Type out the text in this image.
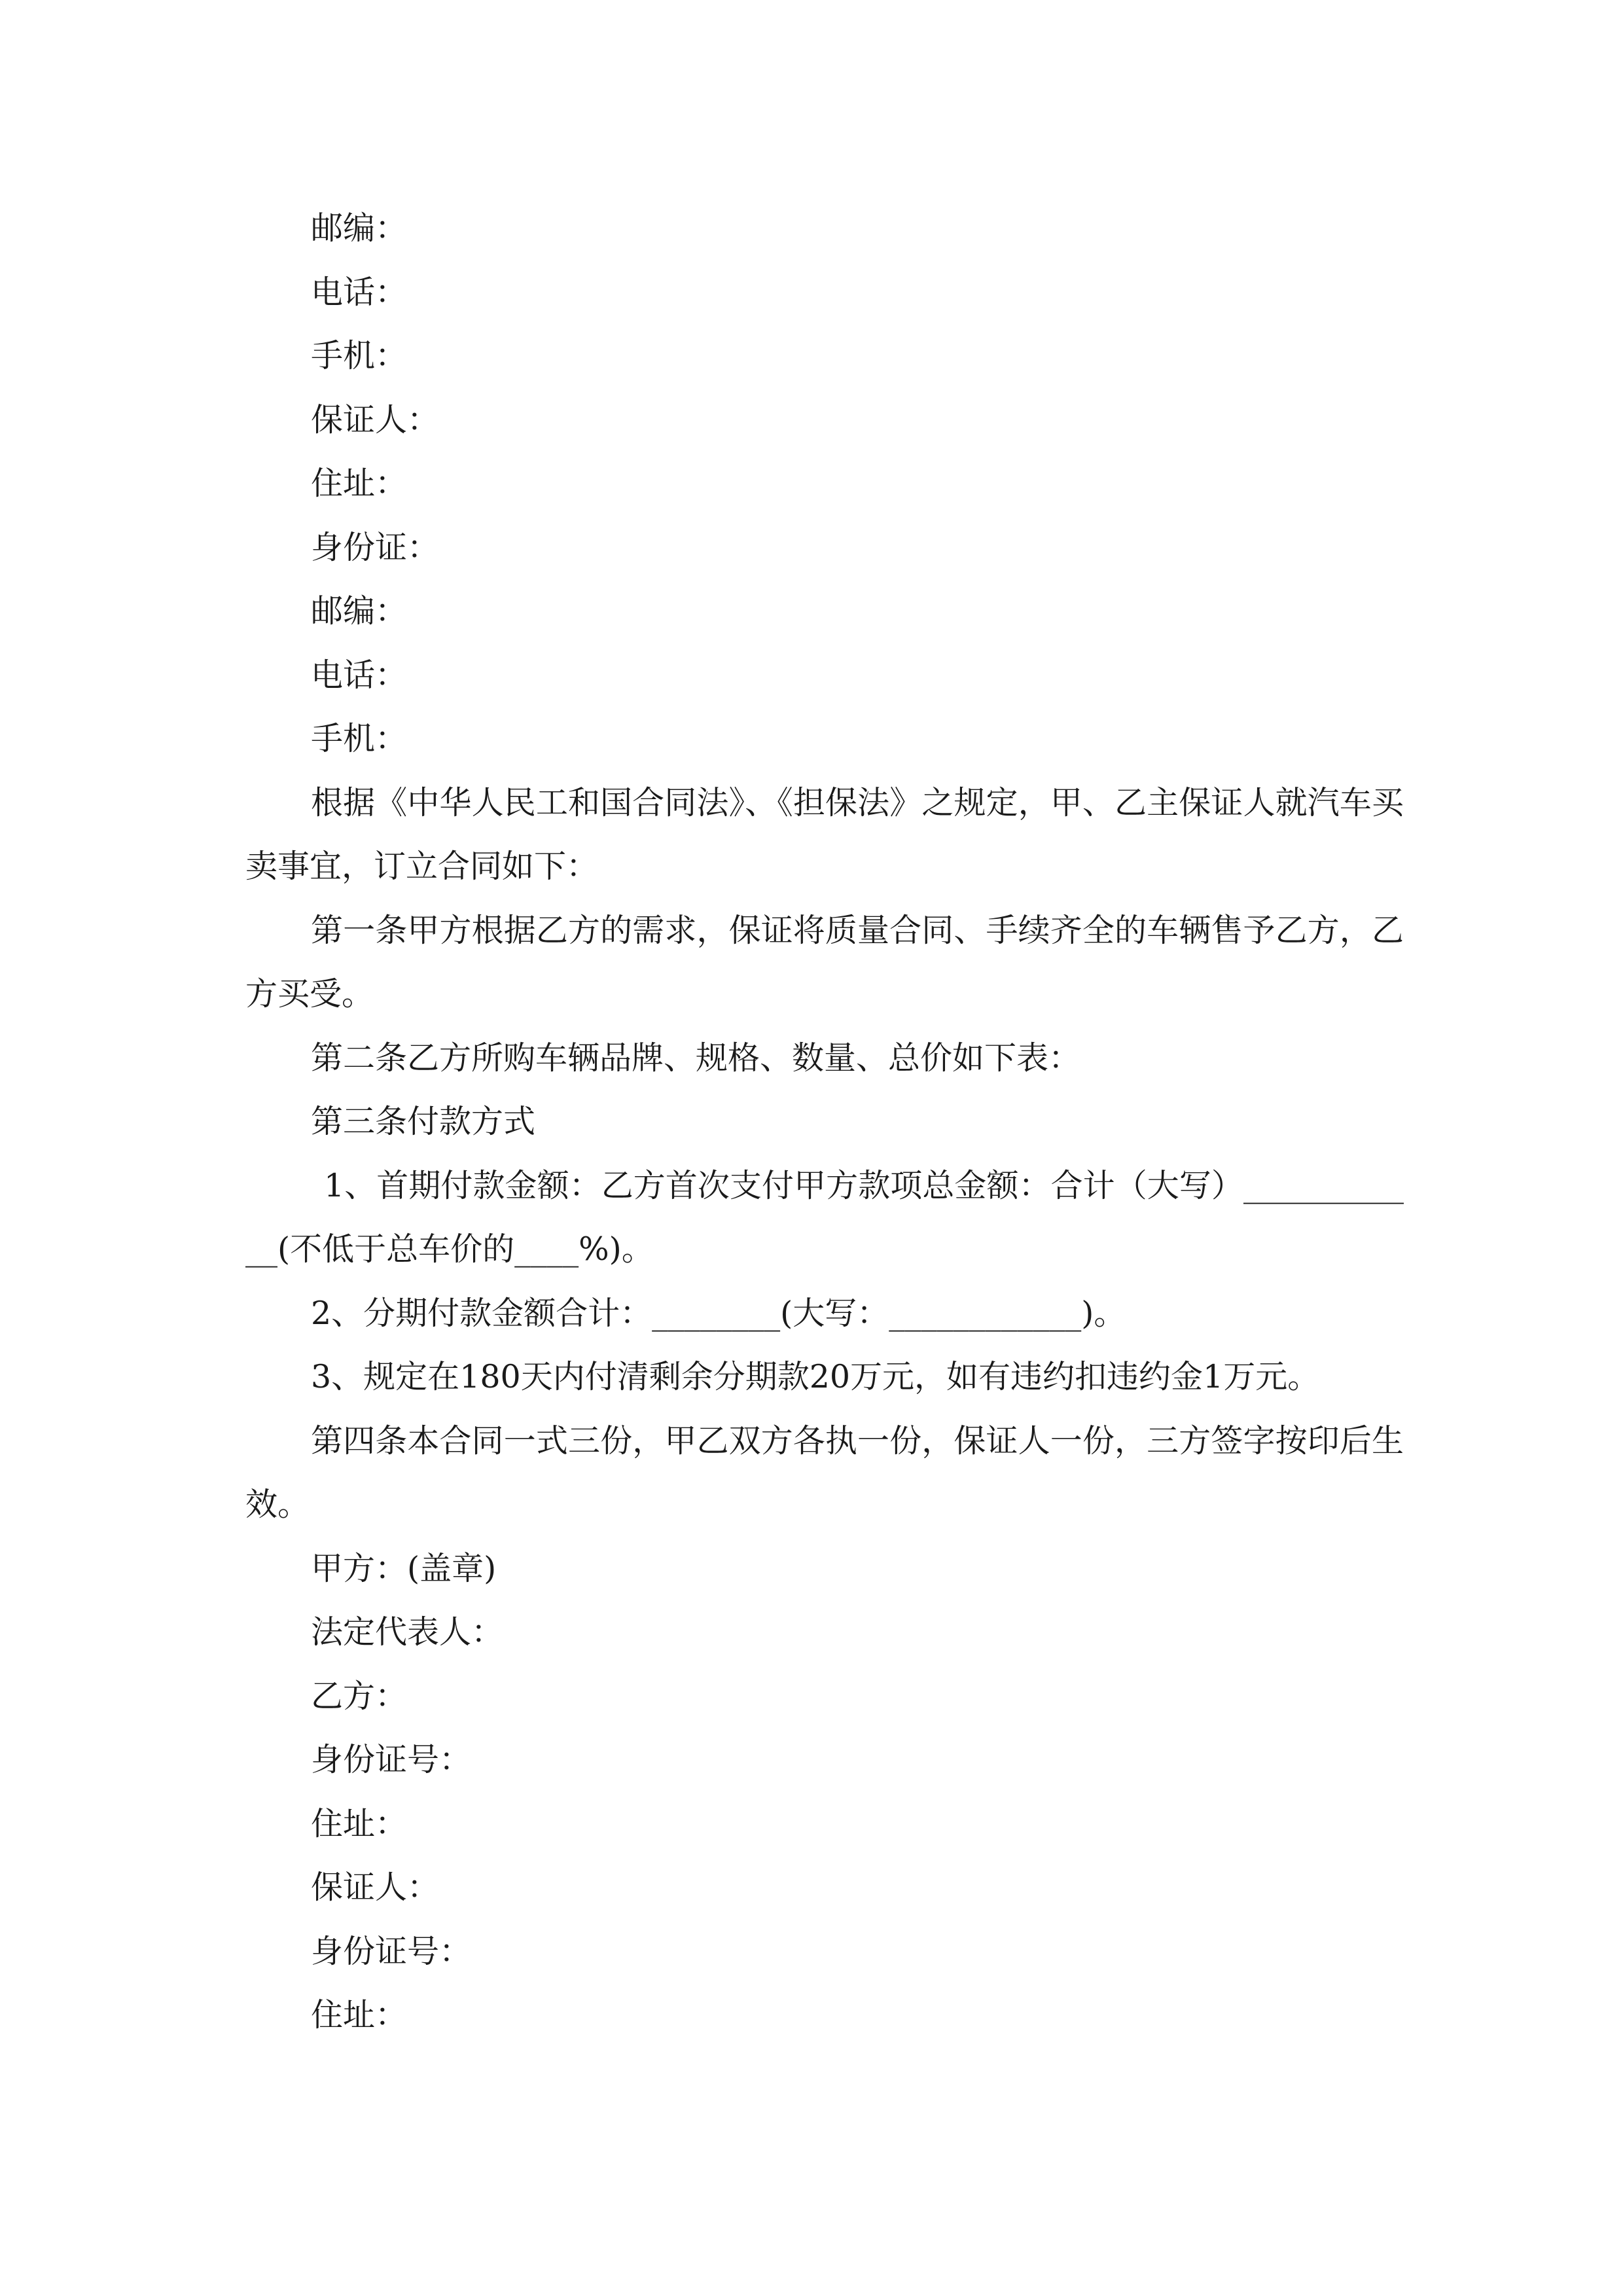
邮编：

电话：

手机：

保证人：

住址：

身份证：

邮编：

电话：

手机：

根据《中华人民工和国合同法》、《担保法》之规定，甲、乙主保证人就汽车买卖事宜，订立合同如下：

第一条甲方根据乙方的需求，保证将质量合同、手续齐全的车辆售予乙方，乙方买受。

第二条乙方所购车辆品牌、规格、数量、总价如下表：

第三条付款方式

1、首期付款金额：乙方首次支付甲方款项总金额：合计（大写）____________(不低于总车价的____%)。

2、分期付款金额合计：________(大写：____________)。

3、规定在180天内付清剩余分期款20万元，如有违约扣违约金1万元。

第四条本合同一式三份，甲乙双方各执一份，保证人一份，三方签字按印后生效。

甲方：(盖章)

法定代表人：

乙方：

身份证号：

住址：

保证人：

身份证号：

住址：
